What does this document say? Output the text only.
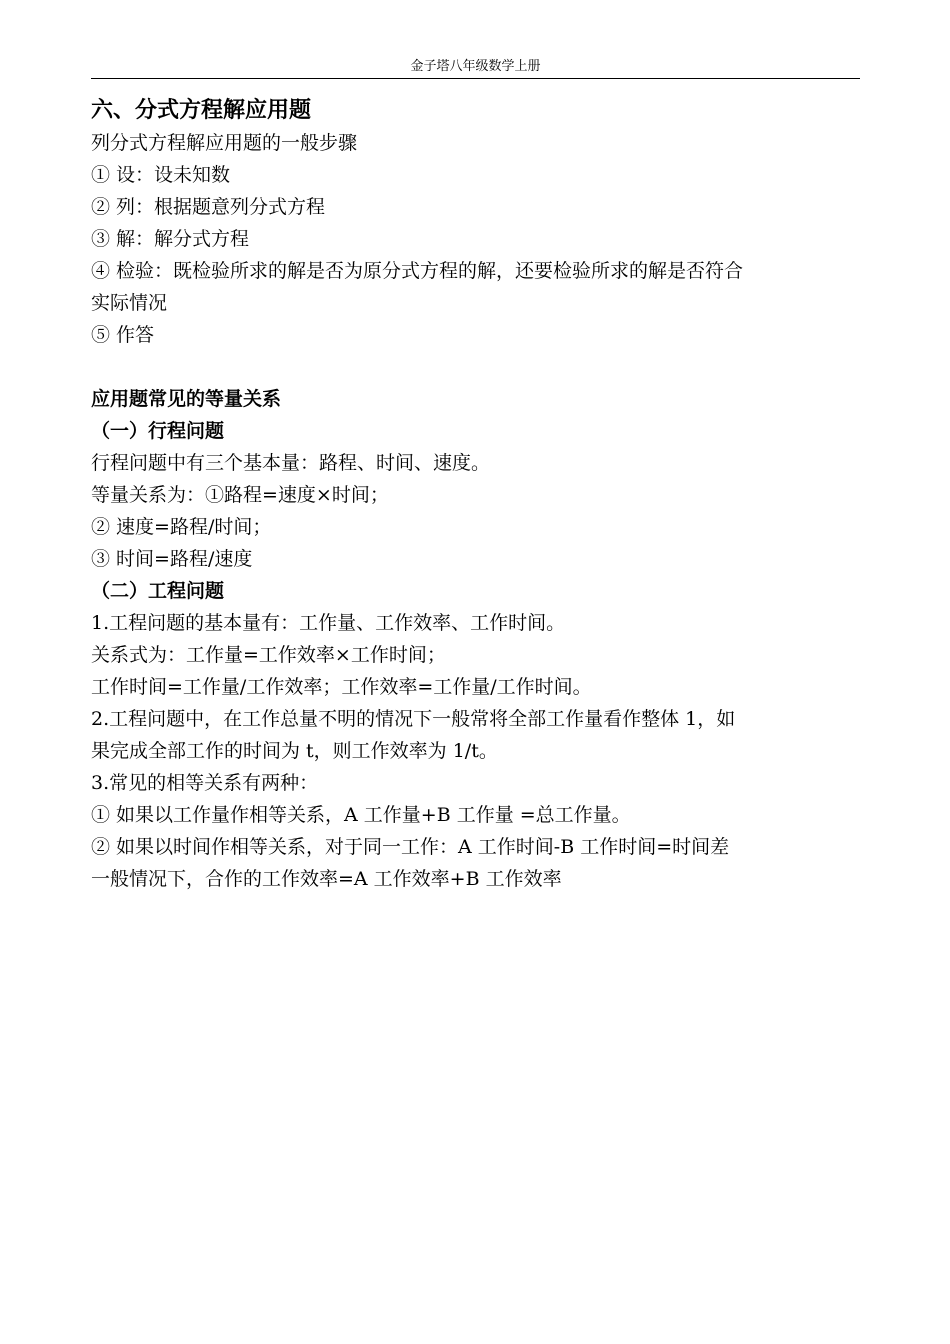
金子塔八年级数学上册
六、分式方程解应用题

列分式方程解应用题的一般步骤

① 设：设未知数

② 列：根据题意列分式方程

③ 解：解分式方程

④ 检验：既检验所求的解是否为原分式方程的解，还要检验所求的解是否符合

实际情况

⑤ 作答

应用题常见的等量关系

（一）行程问题

行程问题中有三个基本量：路程、时间、速度。

等量关系为：①路程=速度×时间；

② 速度=路程/时间；

③ 时间=路程/速度

（二）工程问题

1.工程问题的基本量有：工作量、工作效率、工作时间。

关系式为：工作量=工作效率×工作时间；

工作时间=工作量/工作效率；工作效率=工作量/工作时间。

2.工程问题中，在工作总量不明的情况下一般常将全部工作量看作整体 1，如

果完成全部工作的时间为 t，则工作效率为 1/t。

3.常见的相等关系有两种：

① 如果以工作量作相等关系，A 工作量+B 工作量 =总工作量。

② 如果以时间作相等关系，对于同一工作：A 工作时间-B 工作时间=时间差

一般情况下，合作的工作效率=A 工作效率+B 工作效率
